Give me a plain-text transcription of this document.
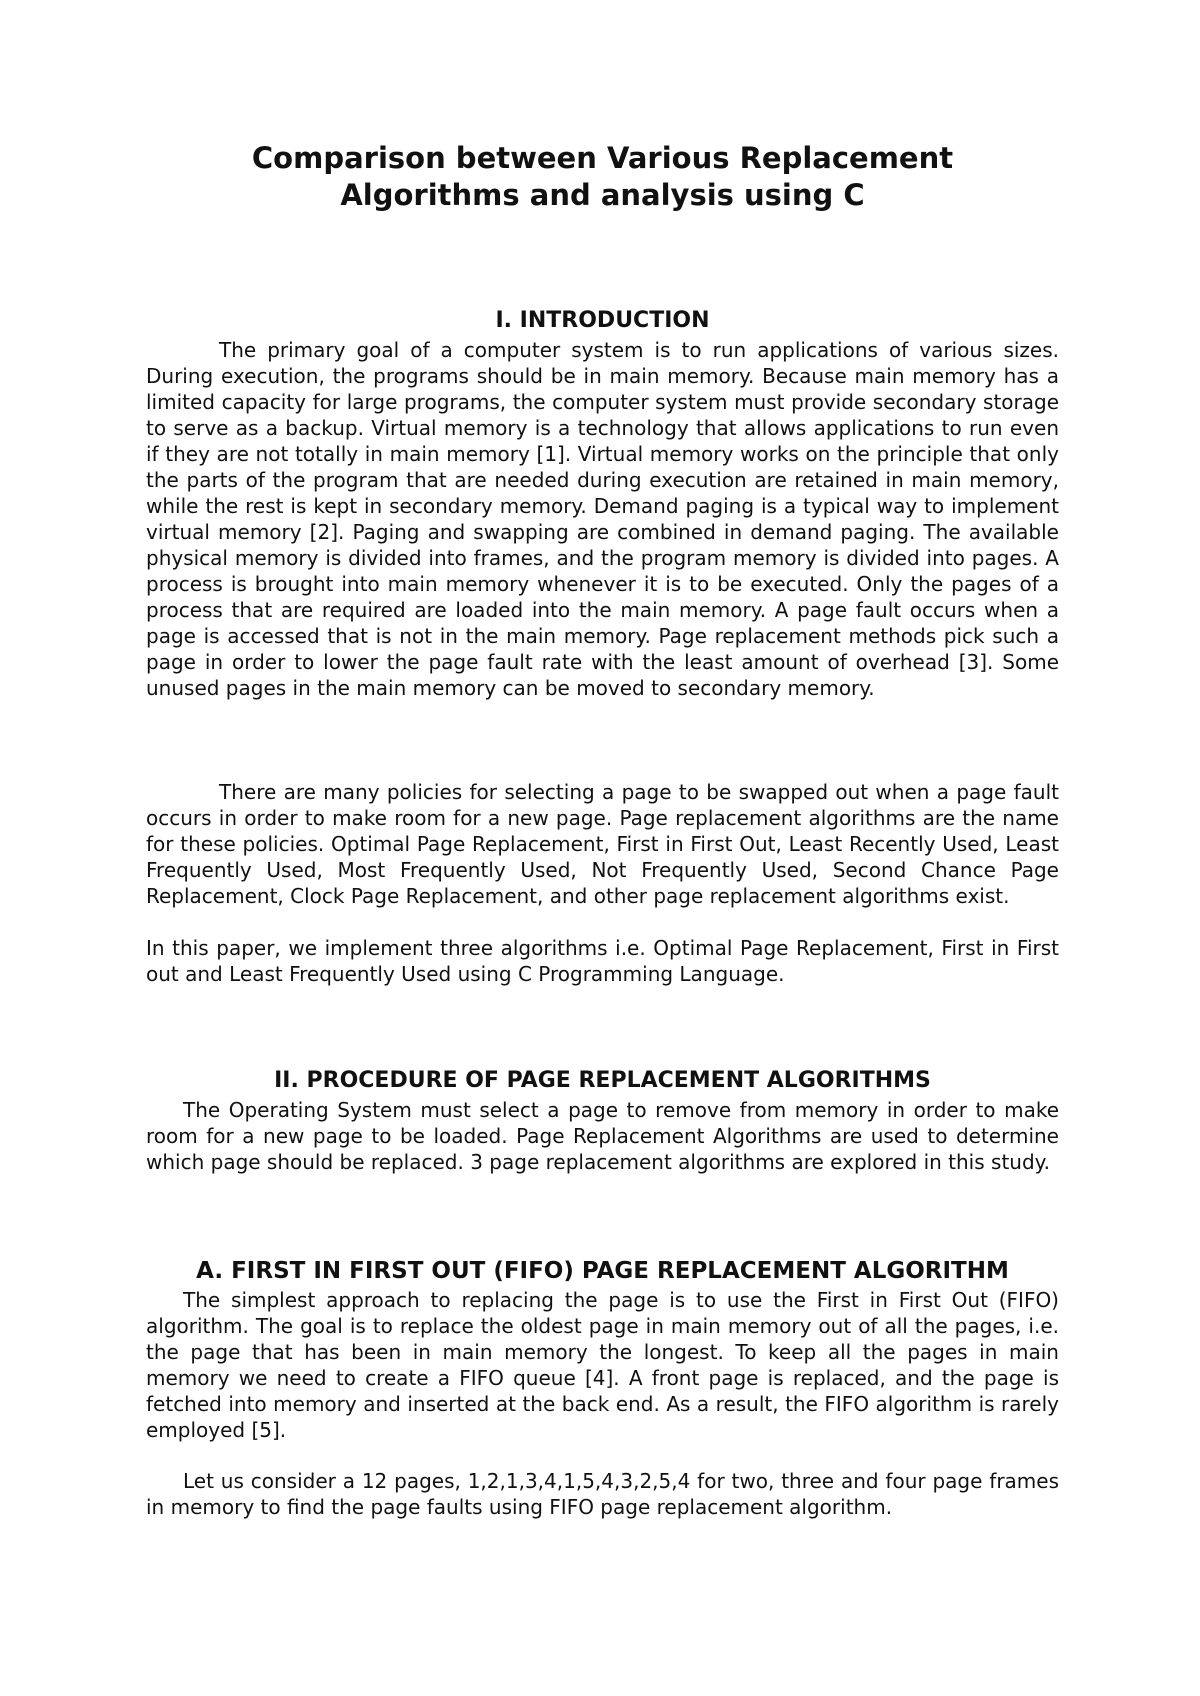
Comparison between Various Replacement
Algorithms and analysis using C
I. INTRODUCTION

The primary goal of a computer system is to run applications of various sizes. During execution, the programs should be in main memory. Because main memory has a limited capacity for large programs, the computer system must provide secondary storage to serve as a backup. Virtual memory is a technology that allows applications to run even if they are not totally in main memory [1]. Virtual memory works on the principle that only the parts of the program that are needed during execution are retained in main memory, while the rest is kept in secondary memory. Demand paging is a typical way to implement virtual memory [2]. Paging and swapping are combined in demand paging. The available physical memory is divided into frames, and the program memory is divided into pages. A process is brought into main memory whenever it is to be executed. Only the pages of a process that are required are loaded into the main memory. A page fault occurs when a page is accessed that is not in the main memory. Page replacement methods pick such a page in order to lower the page fault rate with the least amount of overhead [3]. Some unused pages in the main memory can be moved to secondary memory.

There are many policies for selecting a page to be swapped out when a page fault occurs in order to make room for a new page. Page replacement algorithms are the name for these policies. Optimal Page Replacement, First in First Out, Least Recently Used, Least Frequently Used, Most Frequently Used, Not Frequently Used, Second Chance Page Replacement, Clock Page Replacement, and other page replacement algorithms exist.

In this paper, we implement three algorithms i.e. Optimal Page Replacement, First in First out and Least Frequently Used using C Programming Language.

II. PROCEDURE OF PAGE REPLACEMENT ALGORITHMS

The Operating System must select a page to remove from memory in order to make room for a new page to be loaded. Page Replacement Algorithms are used to determine which page should be replaced. 3 page replacement algorithms are explored in this study.

A. FIRST IN FIRST OUT (FIFO) PAGE REPLACEMENT ALGORITHM

The simplest approach to replacing the page is to use the First in First Out (FIFO) algorithm. The goal is to replace the oldest page in main memory out of all the pages, i.e. the page that has been in main memory the longest. To keep all the pages in main memory we need to create a FIFO queue [4]. A front page is replaced, and the page is fetched into memory and inserted at the back end. As a result, the FIFO algorithm is rarely employed [5].

Let us consider a 12 pages, 1,2,1,3,4,1,5,4,3,2,5,4 for two, three and four page frames in memory to find the page faults using FIFO page replacement algorithm.
